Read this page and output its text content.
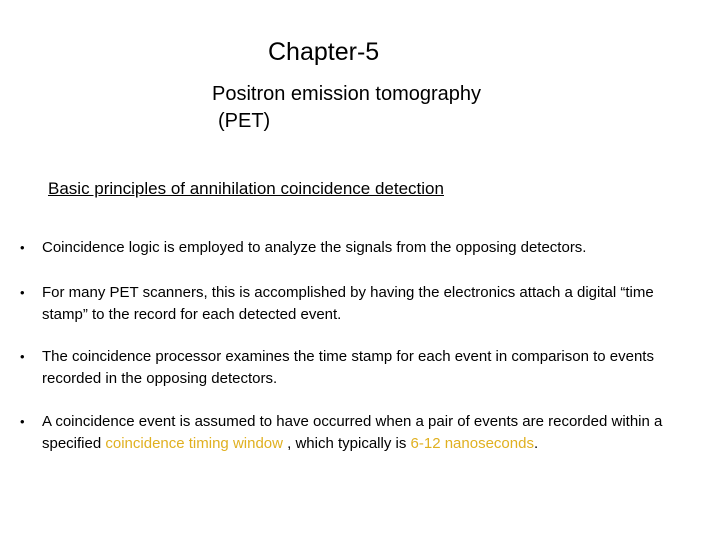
Chapter-5
Positron emission tomography
(PET)
Basic principles of annihilation coincidence detection
•	Coincidence logic is employed to analyze the signals from the opposing detectors.
•	For many PET scanners, this is accomplished by having the electronics attach a digital “time stamp” to the record for each detected event.
•	The coincidence processor examines the time stamp for each event in comparison to events recorded in the opposing detectors.
•	A coincidence event is assumed to have occurred when a pair of events are recorded within a specified coincidence timing window , which typically is 6-12 nanoseconds.
